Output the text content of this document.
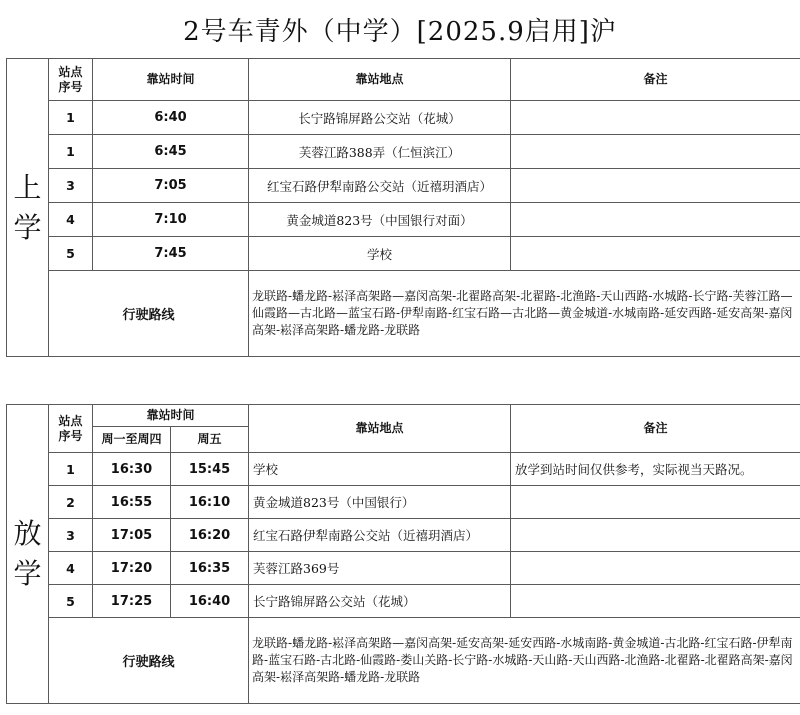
2号车青外（中学）[2025.9启用]沪
上
学	站点序号	靠站时间	靠站地点	备注
	1	6:40	长宁路锦屏路公交站（花城）	
	1	6:45	芙蓉江路388弄（仁恒滨江）	
	3	7:05	红宝石路伊犁南路公交站（近禧玥酒店）	
	4	7:10	黄金城道823号（中国银行对面）	
	5	7:45	学校	
	行驶路线		龙联路-蟠龙路-崧泽高架路—嘉闵高架-北翟路高架-北翟路-北渔路-天山西路-水城路-长宁路-芙蓉江路—仙霞路—古北路—蓝宝石路-伊犁南路-红宝石路—古北路—黄金城道-水城南路-延安西路-延安高架-嘉闵高架-崧泽高架路-蟠龙路-龙联路	
放
学	站点序号	靠站时间		靠站地点	备注
		周一至周四	周五		
	1	16:30	15:45	学校	放学到站时间仅供参考，实际视当天路况。
	2	16:55	16:10	黄金城道823号（中国银行）	
	3	17:05	16:20	红宝石路伊犁南路公交站（近禧玥酒店）	
	4	17:20	16:35	芙蓉江路369号	
	5	17:25	16:40	长宁路锦屏路公交站（花城）	
	行驶路线			龙联路-蟠龙路-崧泽高架路—嘉闵高架-延安高架-延安西路-水城南路-黄金城道-古北路-红宝石路-伊犁南路-蓝宝石路-古北路-仙霞路-娄山关路-长宁路-水城路-天山路-天山西路-北渔路-北翟路-北翟路高架-嘉闵高架-崧泽高架路-蟠龙路-龙联路	
